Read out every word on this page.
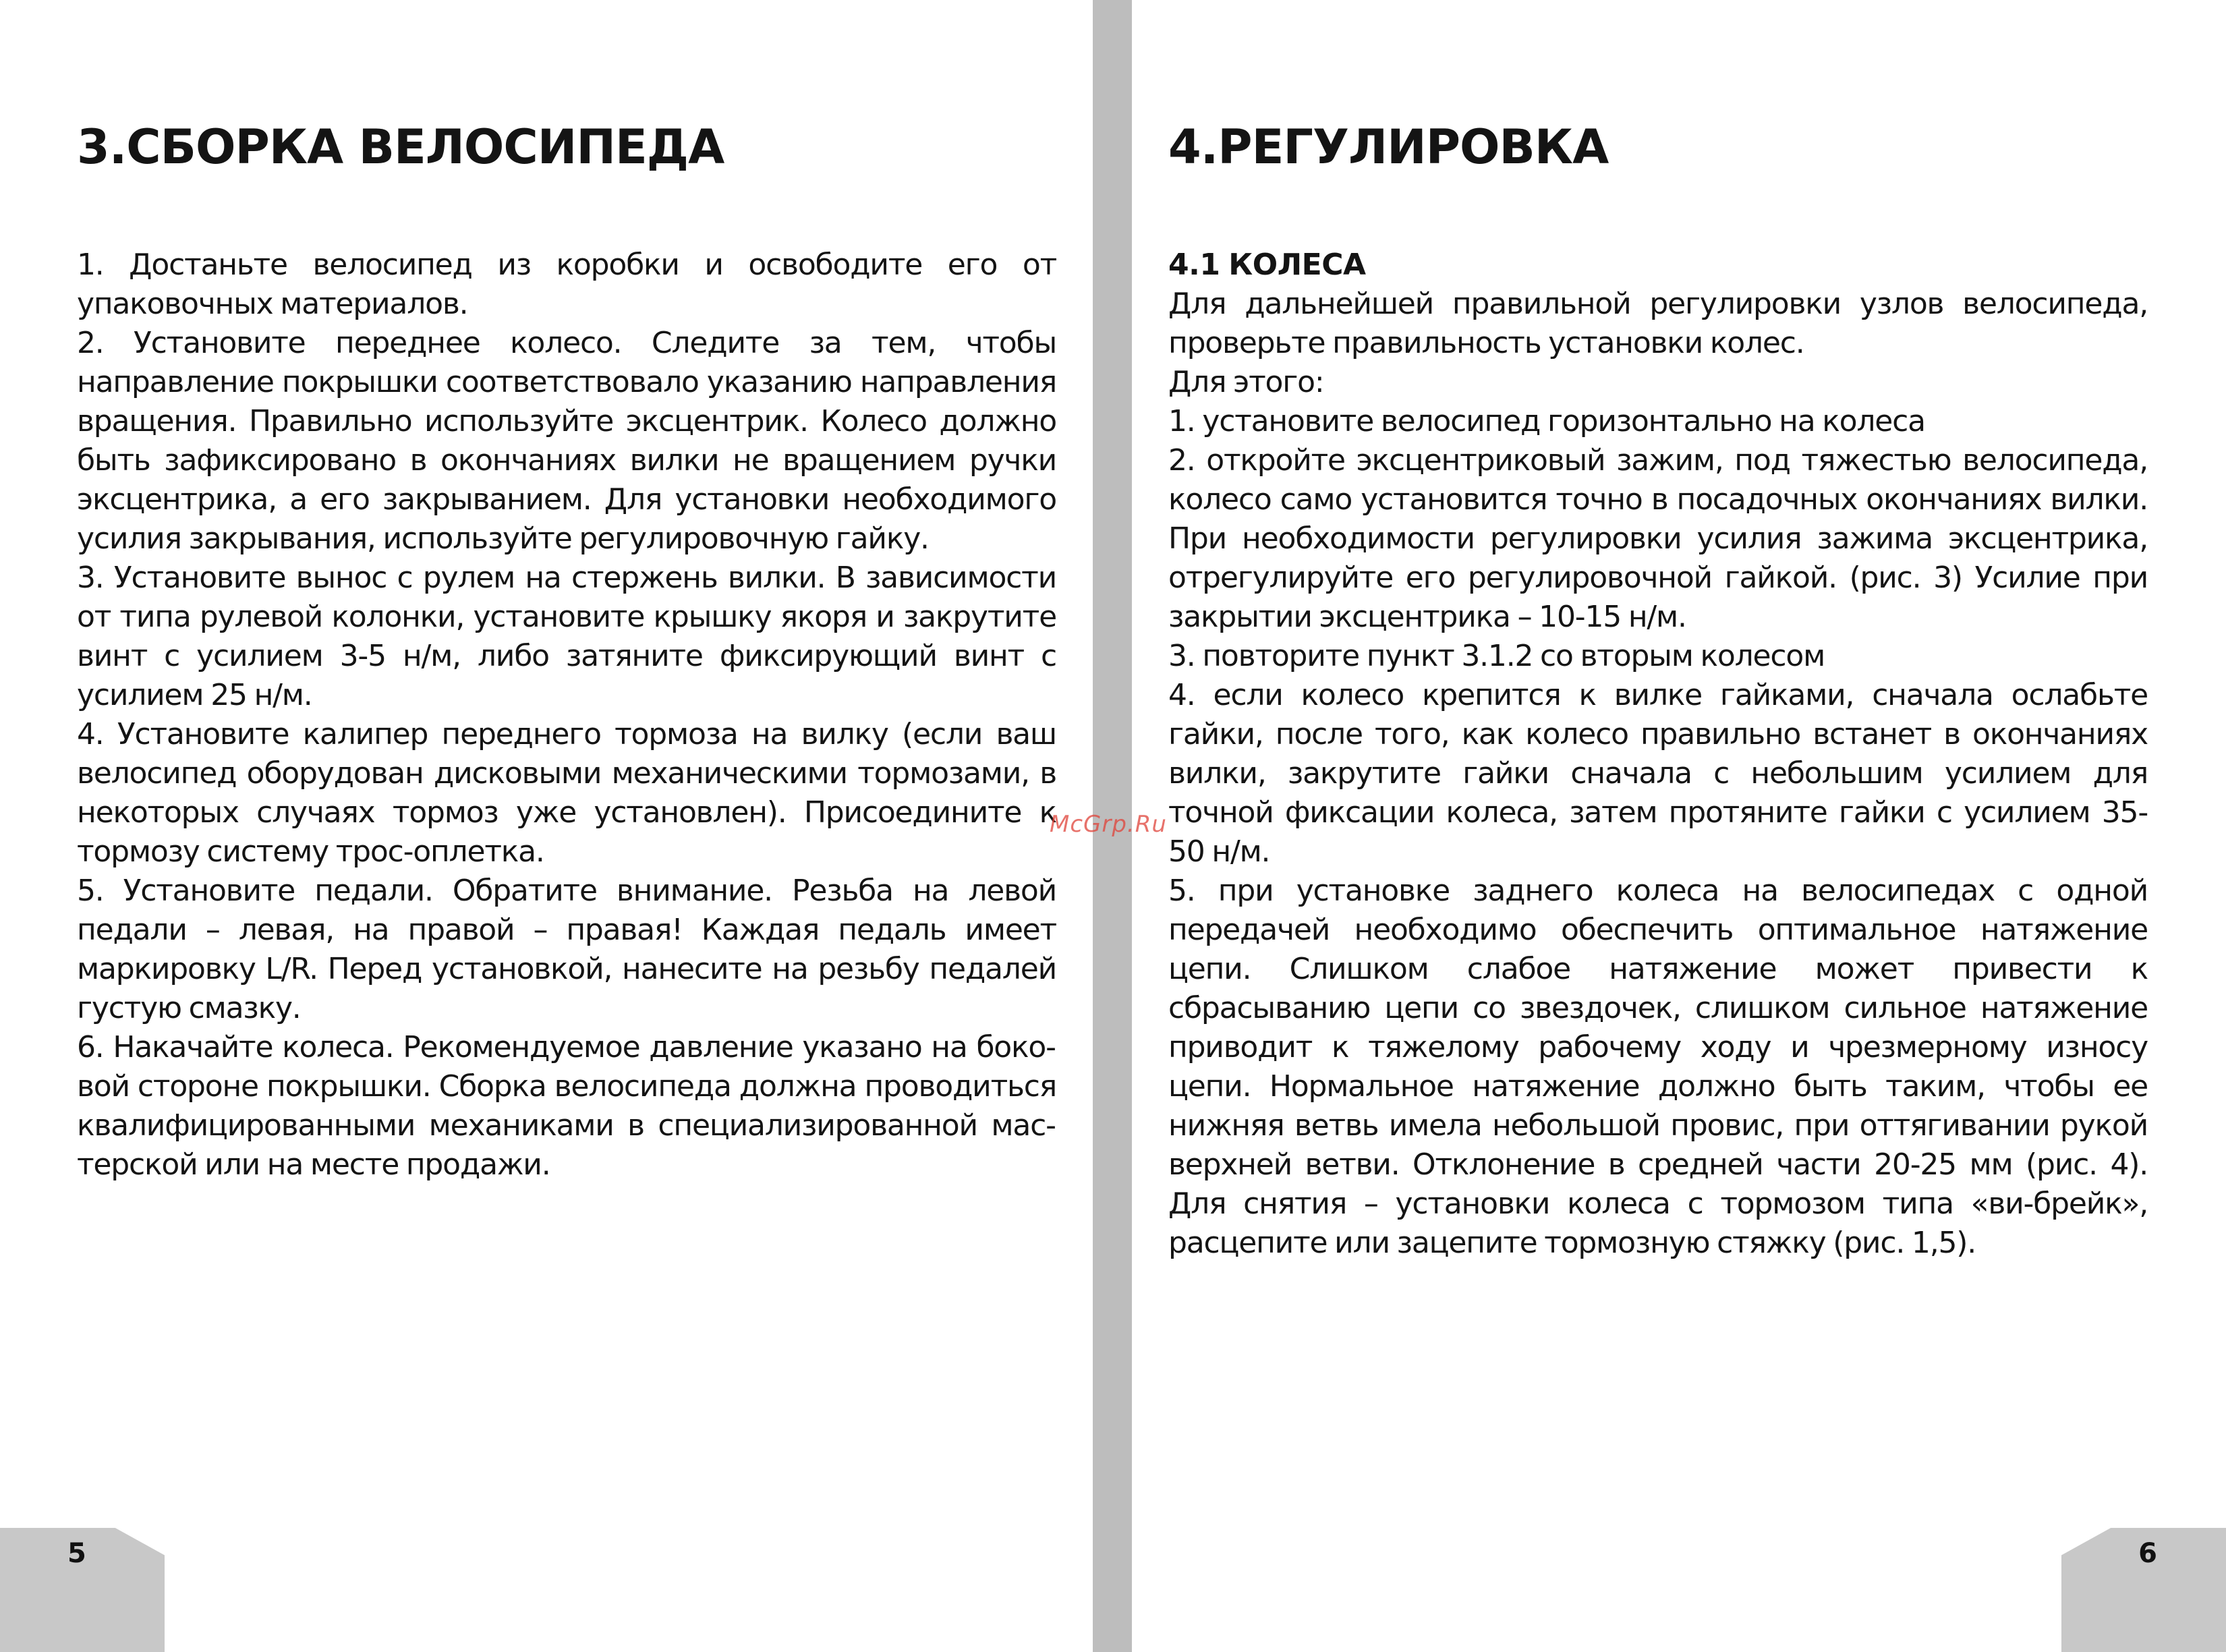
3.СБОРКА ВЕЛОСИПЕДА

1. Достаньте велосипед из коробки и освободите его от упаковочных материалов.

2. Установите переднее колесо. Следите за тем, чтобы направление покрышки соответствовало указанию направления вращения. Правильно используйте эксцентрик. Колесо должно быть зафиксировано в окончаниях вилки не вращением ручки эксцентрика, а его закрыванием. Для установки необходимого усилия закрывания, используйте регулировочную гайку.

3. Установите вынос с рулем на стержень вилки. В зависимости от типа рулевой колонки, установите крышку якоря и закрутите винт с усилием 3-5 н/м, либо затяните фиксирующий винт с усилием 25 н/м.

4. Установите калипер переднего тормоза на вилку (если ваш велосипед оборудован дисковыми механическими тормозами, в некоторых случаях тормоз уже установлен). Присоедините к тормозу систему трос-оплетка.

5. Установите педали. Обратите внимание. Резьба на левой педали – левая, на правой – правая! Каждая педаль имеет маркировку L/R. Перед установкой, нанесите на резьбу педалей густую смазку.

6. Накачайте колеса. Рекомендуемое давление указано на боковой стороне покрышки. Сборка велосипеда должна проводиться квалифицированными механиками в специализированной мастерской или на месте продажи.

5
4.РЕГУЛИРОВКА

4.1 КОЛЕСА

Для дальнейшей правильной регулировки узлов велосипеда, проверьте правильность установки колес.

Для этого:

1. установите велосипед горизонтально на колеса

2. откройте эксцентриковый зажим, под тяжестью велосипеда, колесо само установится точно в посадочных окончаниях вилки. При необходимости регулировки усилия зажима эксцентрика, отрегулируйте его регулировочной гайкой. (рис. 3) Усилие при закрытии эксцентрика – 10-15 н/м.

3. повторите пункт 3.1.2 со вторым колесом

4. если колесо крепится к вилке гайками, сначала ослабьте гайки, после того, как колесо правильно встанет в окончаниях вилки, закрутите гайки сначала с небольшим усилием для точной фиксации колеса, затем протяните гайки с усилием 35-50 н/м.

5. при установке заднего колеса на велосипедах с одной передачей необходимо обеспечить оптимальное натяжение цепи. Слишком слабое натяжение может привести к сбрасыванию цепи со звездочек, слишком сильное натяжение приводит к тяжелому рабочему ходу и чрезмерному износу цепи. Нормальное натяжение должно быть таким, чтобы ее нижняя ветвь имела небольшой провис, при оттягивании рукой верхней ветви. Отклонение в средней части 20-25 мм (рис. 4). Для снятия – установки колеса с тормозом типа «ви-брейк», расцепите или зацепите тормозную стяжку (рис. 1,5).

6
McGrp.Ru
